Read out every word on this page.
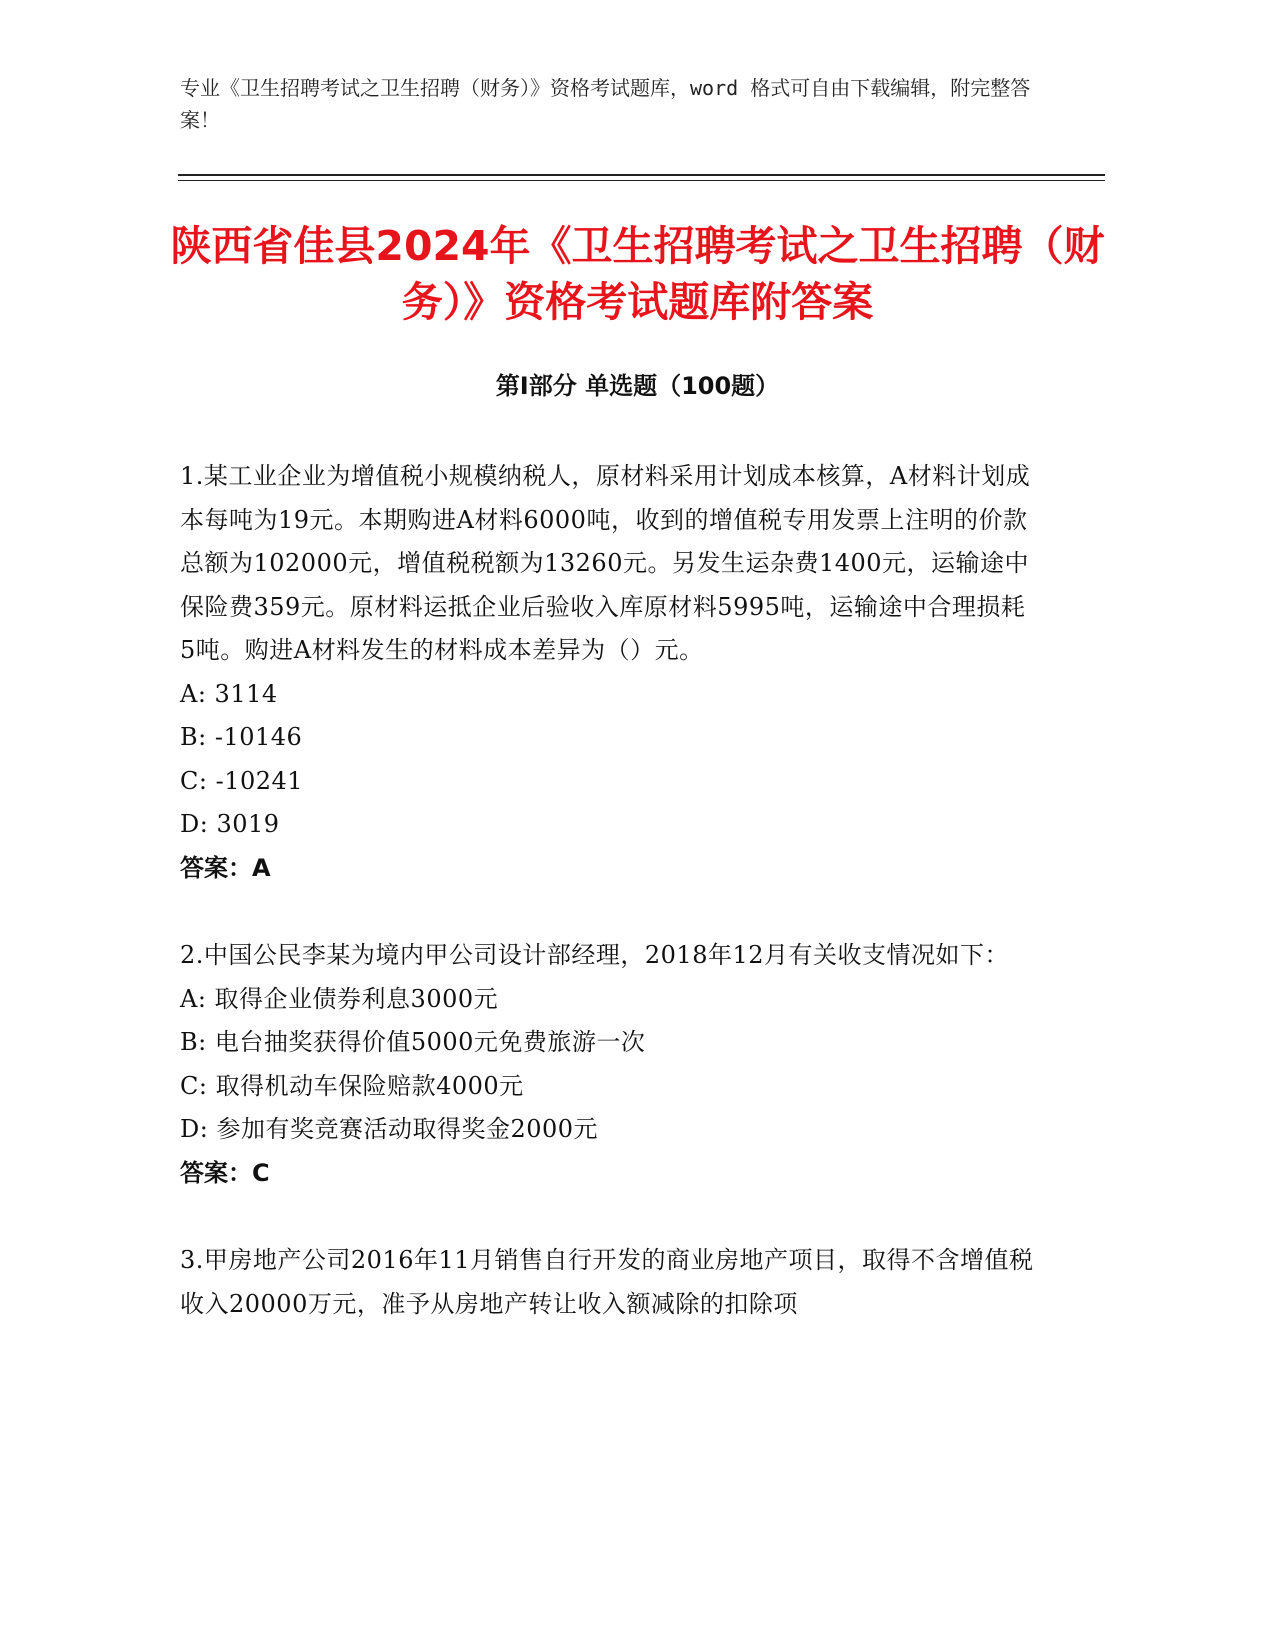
专业《卫生招聘考试之卫生招聘（财务）》资格考试题库，word 格式可自由下载编辑，附完整答案！
陕西省佳县2024年《卫生招聘考试之卫生招聘（财务）》资格考试题库附答案
第Ⅰ部分 单选题（100题）
1.某工业企业为增值税小规模纳税人，原材料采用计划成本核算，A材料计划成本每吨为19元。本期购进A材料6000吨，收到的增值税专用发票上注明的价款总额为102000元，增值税税额为13260元。另发生运杂费1400元，运输途中保险费359元。原材料运抵企业后验收入库原材料5995吨，运输途中合理损耗5吨。购进A材料发生的材料成本差异为（）元。
A: 3114
B: -10146
C: -10241
D: 3019
答案：A
2.中国公民李某为境内甲公司设计部经理，2018年12月有关收支情况如下：
A: 取得企业债券利息3000元
B: 电台抽奖获得价值5000元免费旅游一次
C: 取得机动车保险赔款4000元
D: 参加有奖竞赛活动取得奖金2000元
答案：C
3.甲房地产公司2016年11月销售自行开发的商业房地产项目，取得不含增值税收入20000万元，准予从房地产转让收入额减除的扣除项
